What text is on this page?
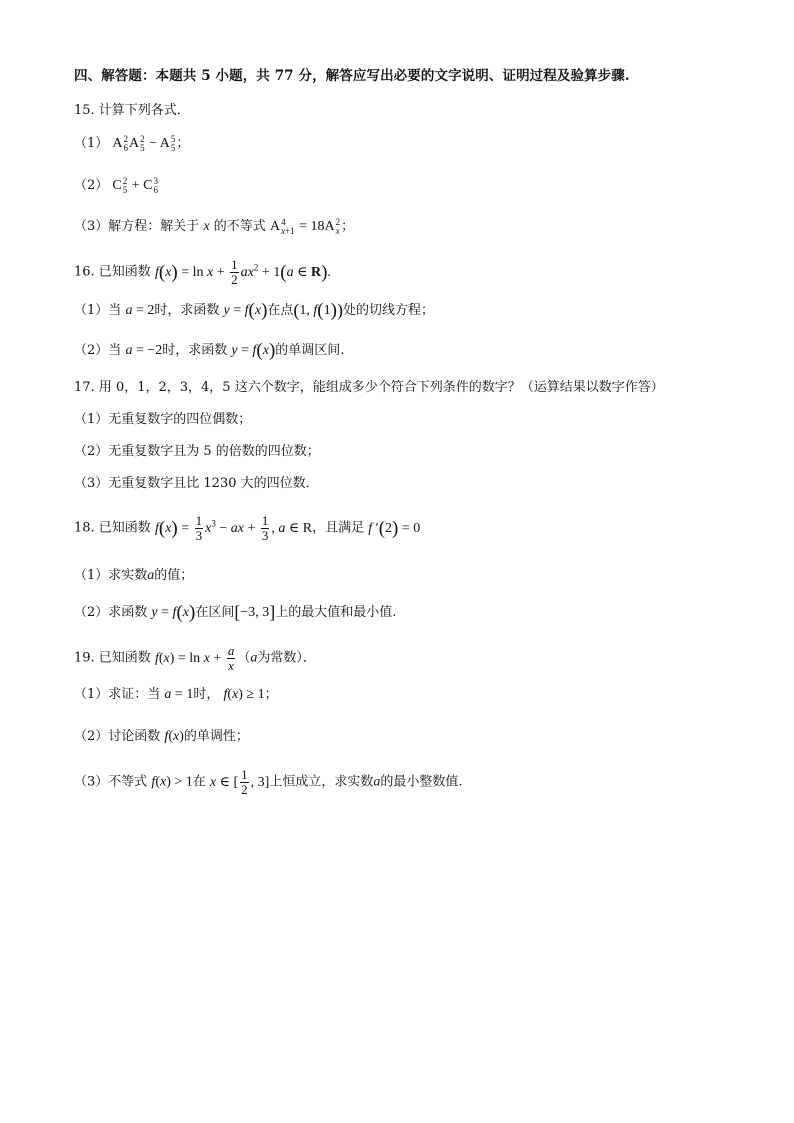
四、解答题：本题共 5 小题，共 77 分，解答应写出必要的文字说明、证明过程及验算步骤.
15. 计算下列各式．
（1） A 2
6 A 2
5 − A 5
5 ；
（2） C 2
5 + C 3
6
（3）解方程：解关于 x 的不等式 A 4
x+1 = 18A 2
x ；
16. 已知函数 $f(x) = \ln x + \frac{1}{2} ax^2 + 1(a$ ∈ R).
（1）当 a = 2时，求函数 y = f(x)在点(1, f(1))处的切线方程；
（2）当 a = −2时，求函数 y = f(x)的单调区间.
17. 用 0，1，2，3，4，5 这六个数字，能组成多少个符合下列条件的数字？（运算结果以数字作答）
（1）无重复数字的四位偶数；
（2）无重复数字且为 5 的倍数的四位数；
（3）无重复数字且比 1230 大的四位数．
18. 已知函数 $f(x) = \frac{1}{3} x^3$ − ax + $\frac{1}{3}$ , a ∈ R，且满足 f ′(2) = 0
（1）求实数a的值；
（2）求函数 y = f(x)在区间[−3, 3]上的最大值和最小值.
19. 已知函数 $f(x) = \ln x + \frac{a}{x} (a$为常数）．
（1）求证：当 a = 1时， f(x) ≥ 1；
（2）讨论函数 f(x)的单调性；
（3）不等式 f(x) > 1在 x ∈ [ $\frac{1}{2}$ , 3]上恒成立，求实数a的最小整数值.
